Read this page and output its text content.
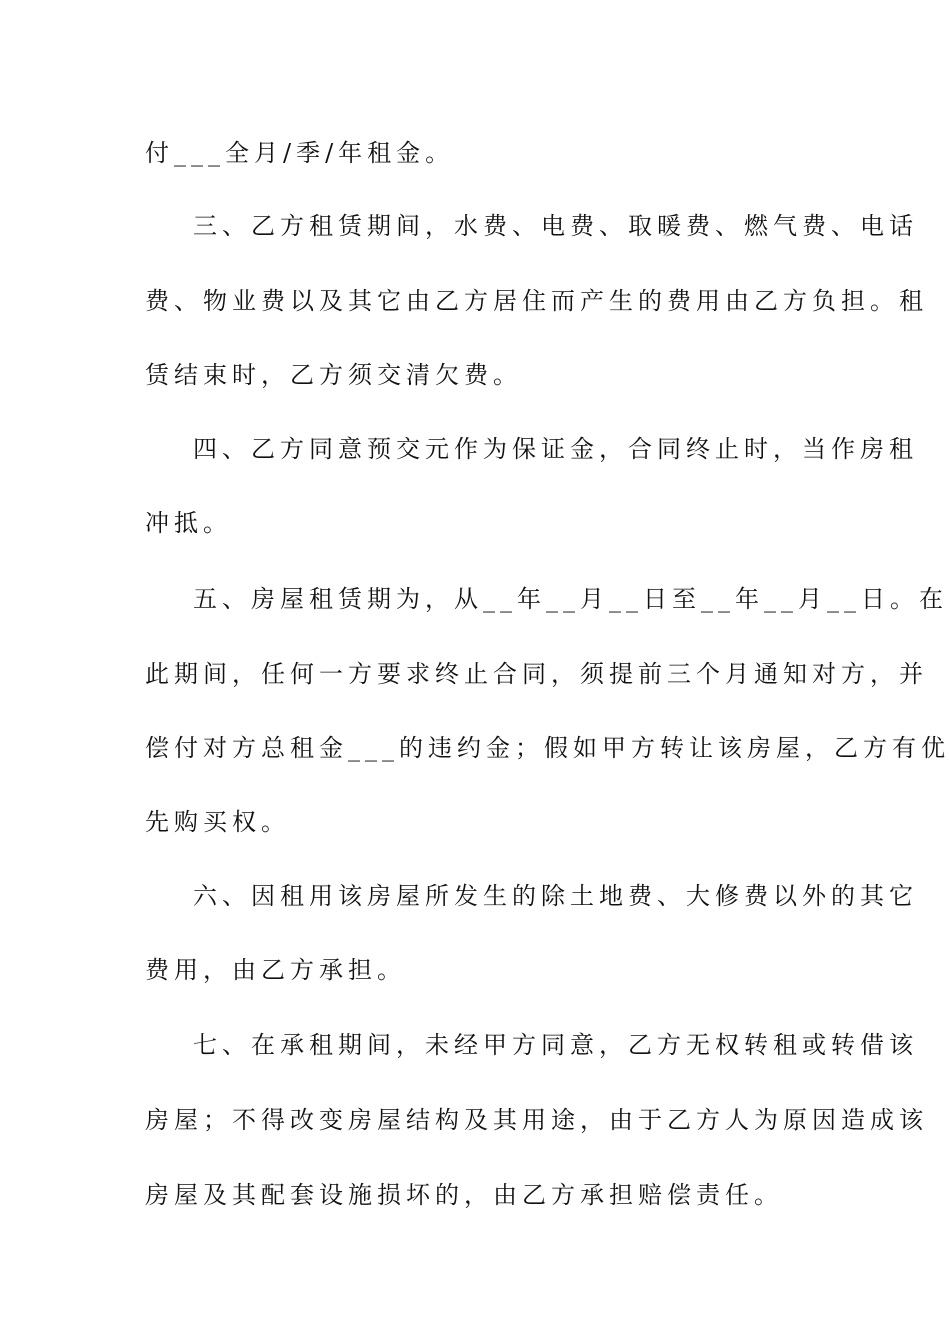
付___全月/季/年租金。
三、乙方租赁期间，水费、电费、取暖费、燃气费、电话
费、物业费以及其它由乙方居住而产生的费用由乙方负担。租
赁结束时，乙方须交清欠费。
四、乙方同意预交元作为保证金，合同终止时，当作房租
冲抵。
五、房屋租赁期为，从__年__月__日至__年__月__日。在
此期间，任何一方要求终止合同，须提前三个月通知对方，并
偿付对方总租金___的违约金；假如甲方转让该房屋，乙方有优
先购买权。
六、因租用该房屋所发生的除土地费、大修费以外的其它
费用，由乙方承担。
七、在承租期间，未经甲方同意，乙方无权转租或转借该
房屋；不得改变房屋结构及其用途，由于乙方人为原因造成该
房屋及其配套设施损坏的，由乙方承担赔偿责任。
